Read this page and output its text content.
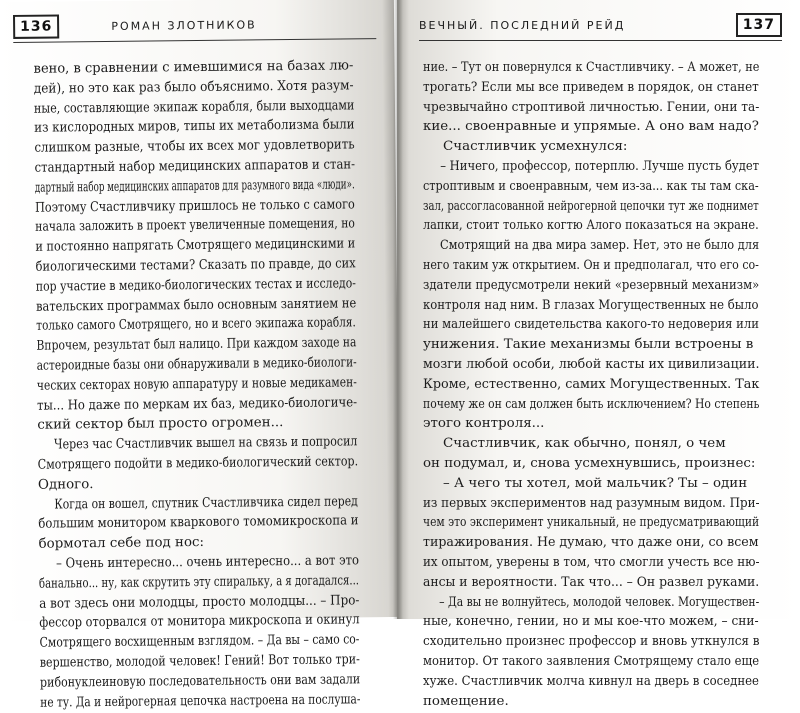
136	РОМАН ЗЛОТНИКОВ
вено, в сравнении с имевшимися на базах лю-
дей), но это как раз было объяснимо. Хотя разум-
ные, составляющие экипаж корабля, были выходцами
из кислородных миров, типы их метаболизма были
слишком разные, чтобы их всех мог удовлетворить
стандартный набор медицинских аппаратов и стан-
дартный набор медицинских аппаратов для разумного вида «люди».
Поэтому Счастливчику пришлось не только с самого
начала заложить в проект увеличенные помещения, но
и постоянно напрягать Смотрящего медицинскими и
биологическими тестами? Сказать по правде, до сих
пор участие в медико-биологических тестах и исследо-
вательских программах было основным занятием не
только самого Смотрящего, но и всего экипажа корабля.
Впрочем, результат был налицо. При каждом заходе на
астероидные базы они обнаруживали в медико-биологи-
ческих секторах новую аппаратуру и новые медикамен-
ты... Но даже по меркам их баз, медико-биологиче-
ский сектор был просто огромен...
Через час Счастливчик вышел на связь и попросил
Смотрящего подойти в медико-биологический сектор.
Одного.
Когда он вошел, спутник Счастливчика сидел перед
большим монитором кваркового томомикроскопа и
бормотал себе под нос:
– Очень интересно... очень интересно... а вот это
банально... ну, как скрутить эту спиральку, а я догадался...
а вот здесь они молодцы, просто молодцы... – Про-
фессор оторвался от монитора микроскопа и окинул
Смотрящего восхищенным взглядом. – Да вы – само со-
вершенство, молодой человек! Гений! Вот только три-
рибонуклеиновую последовательность они вам задали
не ту. Да и нейрогерная цепочка настроена на послуша-
ВЕЧНЫЙ. ПОСЛЕДНИЙ РЕЙД	137
ние. – Тут он повернулся к Счастливчику. – А может, не
трогать? Если мы все приведем в порядок, он станет
чрезвычайно строптивой личностью. Гении, они та-
кие... своенравные и упрямые. А оно вам надо?
Счастливчик усмехнулся:
– Ничего, профессор, потерплю. Лучше пусть будет
строптивым и своенравным, чем из-за... как ты там ска-
зал, рассогласованной нейрогерной цепочки тут же поднимет
лапки, стоит только когтю Алого показаться на экране.
Смотрящий на два мира замер. Нет, это не было для
него таким уж открытием. Он и предполагал, что его со-
здатели предусмотрели некий «резервный механизм»
контроля над ним. В глазах Могущественных не было
ни малейшего свидетельства какого-то недоверия или
унижения. Такие механизмы были встроены в
мозги любой особи, любой касты их цивилизации.
Кроме, естественно, самих Могущественных. Так
почему же он сам должен быть исключением? Но степень
этого контроля...
Счастливчик, как обычно, понял, о чем
он подумал, и, снова усмехнувшись, произнес:
– А чего ты хотел, мой мальчик? Ты – один
из первых экспериментов над разумным видом. При-
чем это эксперимент уникальный, не предусматривающий
тиражирования. Не думаю, что даже они, со всем
их опытом, уверены в том, что смогли учесть все ню-
ансы и вероятности. Так что... – Он развел руками.
– Да вы не волнуйтесь, молодой человек. Могуществен-
ные, конечно, гении, но и мы кое-что можем, – сни-
сходительно произнес профессор и вновь уткнулся в
монитор. От такого заявления Смотрящему стало еще
хуже. Счастливчик молча кивнул на дверь в соседнее
помещение.
